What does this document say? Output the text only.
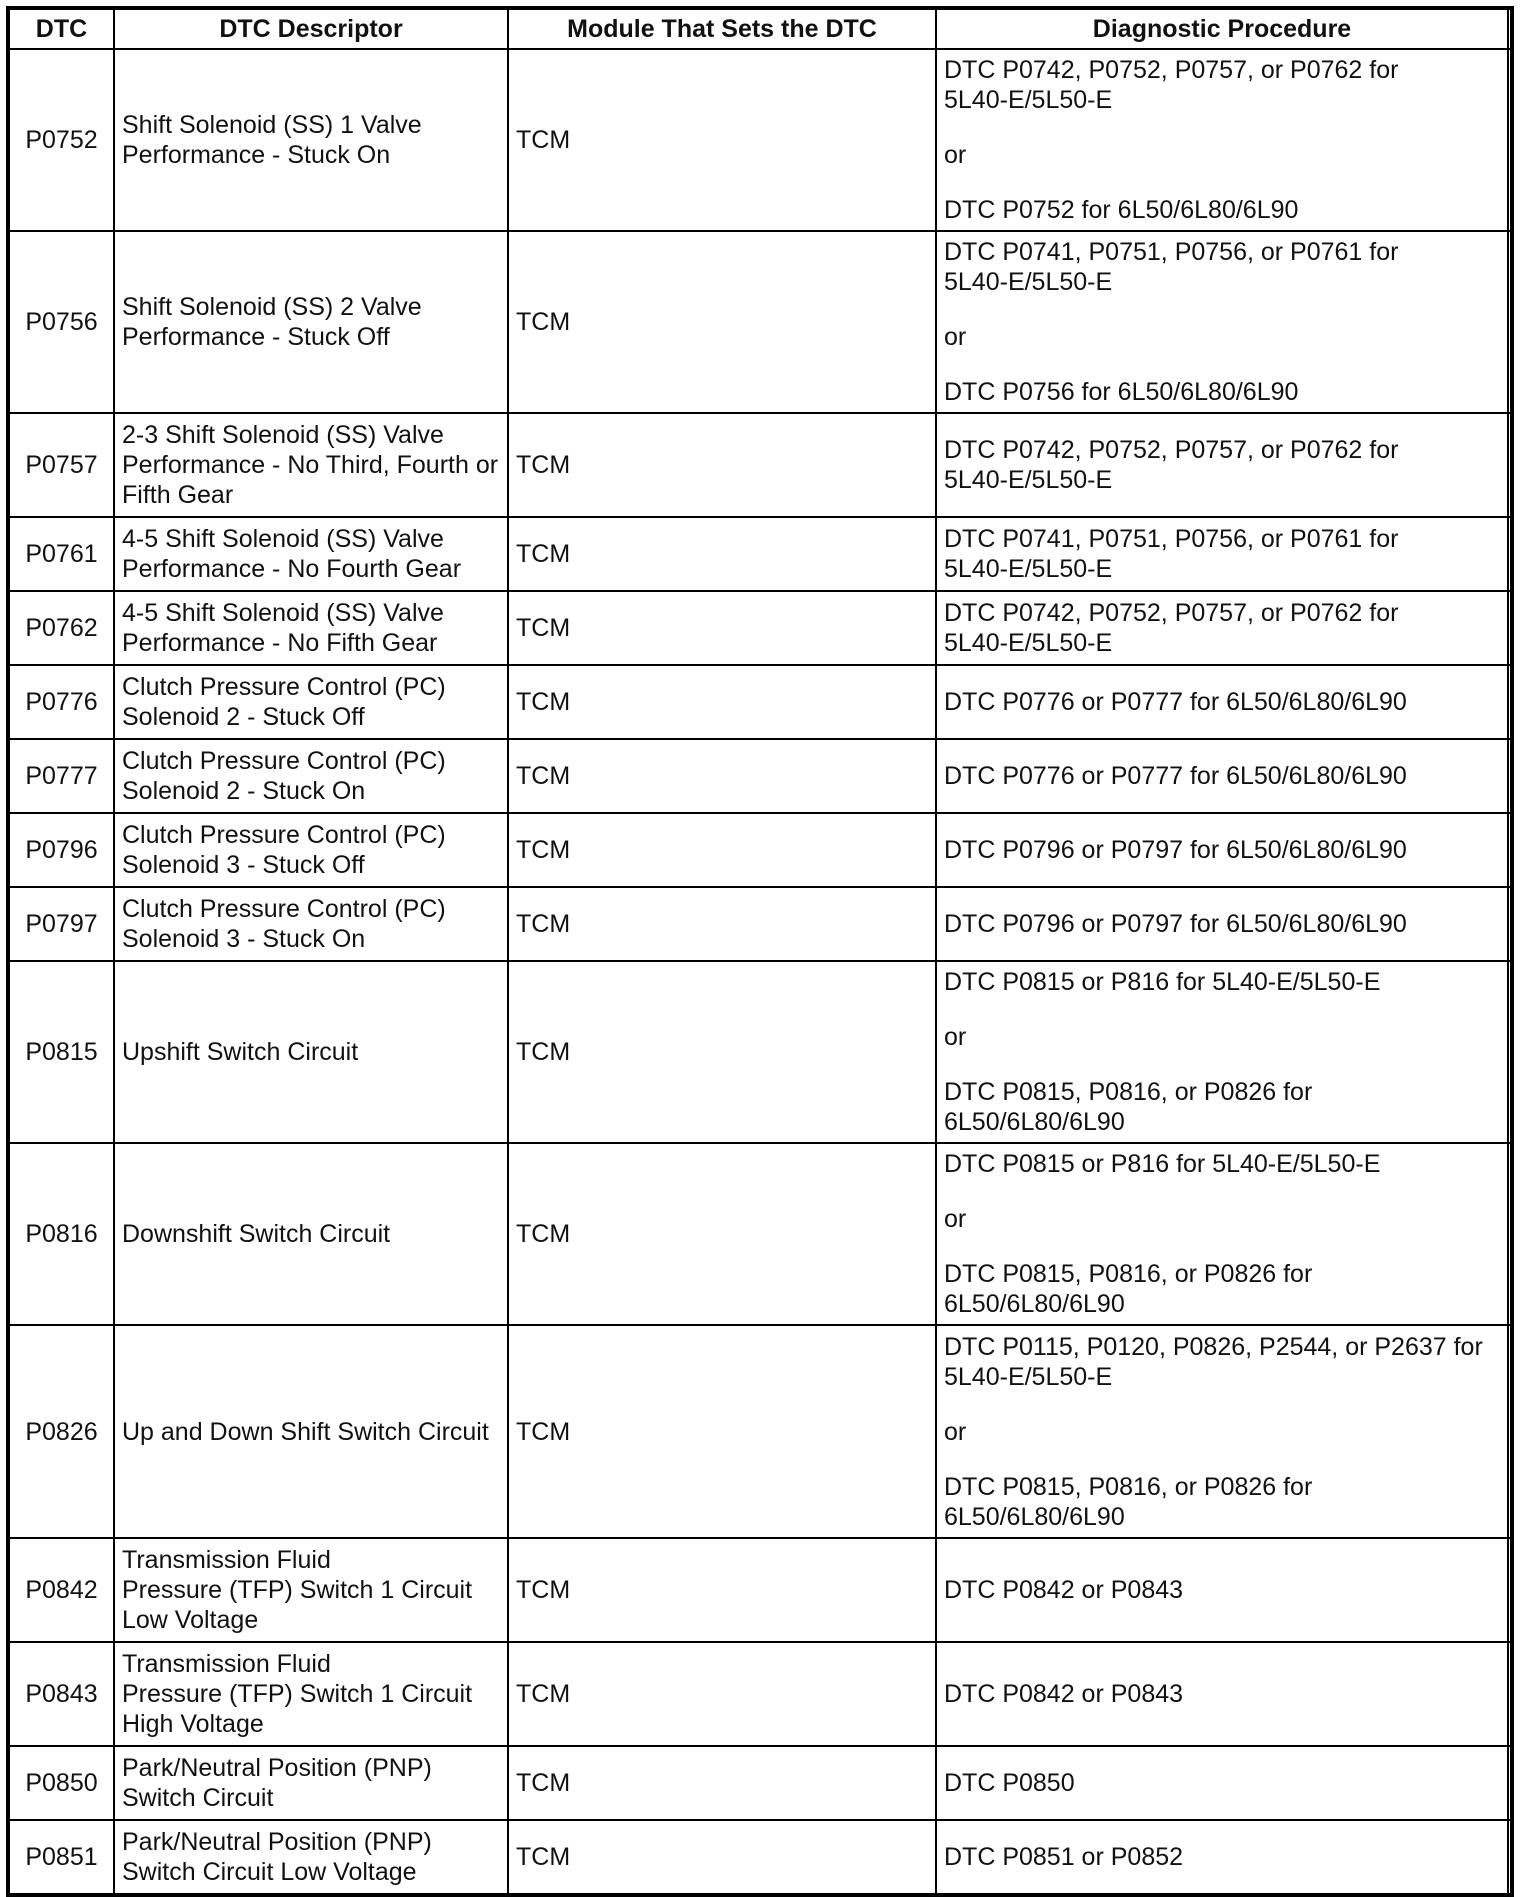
DTC	DTC Descriptor	Module That Sets the DTC	Diagnostic Procedure	
P0752	Shift Solenoid (SS) 1 Valve
Performance - Stuck On	TCM	DTC P0742, P0752, P0757, or P0762 for
5L40-E/5L50-E
or
DTC P0752 for 6L50/6L80/6L90	

P0756	Shift Solenoid (SS) 2 Valve
Performance - Stuck Off	TCM	DTC P0741, P0751, P0756, or P0761 for
5L40-E/5L50-E
or
DTC P0756 for 6L50/6L80/6L90	

P0757	2-3 Shift Solenoid (SS) Valve
Performance - No Third, Fourth or
Fifth Gear	TCM	DTC P0742, P0752, P0757, or P0762 for
5L40-E/5L50-E	

P0761	4-5 Shift Solenoid (SS) Valve
Performance - No Fourth Gear	TCM	DTC P0741, P0751, P0756, or P0761 for
5L40-E/5L50-E	

P0762	4-5 Shift Solenoid (SS) Valve
Performance - No Fifth Gear	TCM	DTC P0742, P0752, P0757, or P0762 for
5L40-E/5L50-E	

P0776	Clutch Pressure Control (PC)
Solenoid 2 - Stuck Off	TCM	DTC P0776 or P0777 for 6L50/6L80/6L90	

P0777	Clutch Pressure Control (PC)
Solenoid 2 - Stuck On	TCM	DTC P0776 or P0777 for 6L50/6L80/6L90	

P0796	Clutch Pressure Control (PC)
Solenoid 3 - Stuck Off	TCM	DTC P0796 or P0797 for 6L50/6L80/6L90	

P0797	Clutch Pressure Control (PC)
Solenoid 3 - Stuck On	TCM	DTC P0796 or P0797 for 6L50/6L80/6L90	

P0815	Upshift Switch Circuit	TCM	DTC P0815 or P816 for 5L40-E/5L50-E
or
DTC P0815, P0816, or P0826 for
6L50/6L80/6L90	

P0816	Downshift Switch Circuit	TCM	DTC P0815 or P816 for 5L40-E/5L50-E
or
DTC P0815, P0816, or P0826 for
6L50/6L80/6L90	

P0826	Up and Down Shift Switch Circuit	TCM	DTC P0115, P0120, P0826, P2544, or P2637 for
5L40-E/5L50-E
or
DTC P0815, P0816, or P0826 for
6L50/6L80/6L90	

P0842	Transmission Fluid
Pressure (TFP) Switch 1 Circuit
Low Voltage	TCM	DTC P0842 or P0843	

P0843	Transmission Fluid
Pressure (TFP) Switch 1 Circuit
High Voltage	TCM	DTC P0842 or P0843	

P0850	Park/Neutral Position (PNP)
Switch Circuit	TCM	DTC P0850	

P0851	Park/Neutral Position (PNP)
Switch Circuit Low Voltage	TCM	DTC P0851 or P0852	
